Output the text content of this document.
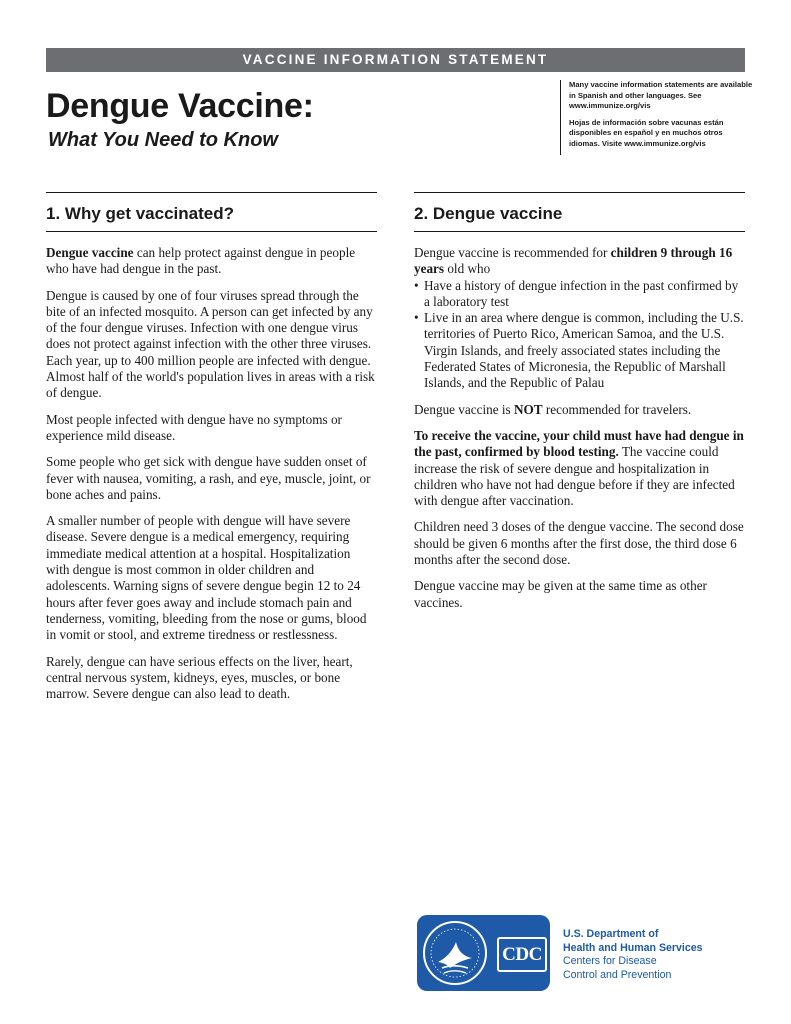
VACCINE INFORMATION STATEMENT
Dengue Vaccine:
What You Need to Know

Many vaccine information statements are available in Spanish and other languages. See www.immunize.org/vis

Hojas de información sobre vacunas están disponibles en español y en muchos otros idiomas. Visite www.immunize.org/vis

1. Why get vaccinated?

Dengue vaccine can help protect against dengue in people who have had dengue in the past.

Dengue is caused by one of four viruses spread through the bite of an infected mosquito. A person can get infected by any of the four dengue viruses. Infection with one dengue virus does not protect against infection with the other three viruses. Each year, up to 400 million people are infected with dengue. Almost half of the world's population lives in areas with a risk of dengue.

Most people infected with dengue have no symptoms or experience mild disease.

Some people who get sick with dengue have sudden onset of fever with nausea, vomiting, a rash, and eye, muscle, joint, or bone aches and pains.

A smaller number of people with dengue will have severe disease. Severe dengue is a medical emergency, requiring immediate medical attention at a hospital. Hospitalization with dengue is most common in older children and adolescents. Warning signs of severe dengue begin 12 to 24 hours after fever goes away and include stomach pain and tenderness, vomiting, bleeding from the nose or gums, blood in vomit or stool, and extreme tiredness or restlessness.

Rarely, dengue can have serious effects on the liver, heart, central nervous system, kidneys, eyes, muscles, or bone marrow. Severe dengue can also lead to death.

2. Dengue vaccine

Dengue vaccine is recommended for children 9 through 16 years old who

• Have a history of dengue infection in the past confirmed by a laboratory test
• Live in an area where dengue is common, including the U.S. territories of Puerto Rico, American Samoa, and the U.S. Virgin Islands, and freely associated states including the Federated States of Micronesia, the Republic of Marshall Islands, and the Republic of Palau

Dengue vaccine is NOT recommended for travelers.

To receive the vaccine, your child must have had dengue in the past, confirmed by blood testing. The vaccine could increase the risk of severe dengue and hospitalization in children who have not had dengue before if they are infected with dengue after vaccination.

Children need 3 doses of the dengue vaccine. The second dose should be given 6 months after the first dose, the third dose 6 months after the second dose.

Dengue vaccine may be given at the same time as other vaccines.

CDC
U.S. Department of
Health and Human Services
Centers for Disease
Control and Prevention
